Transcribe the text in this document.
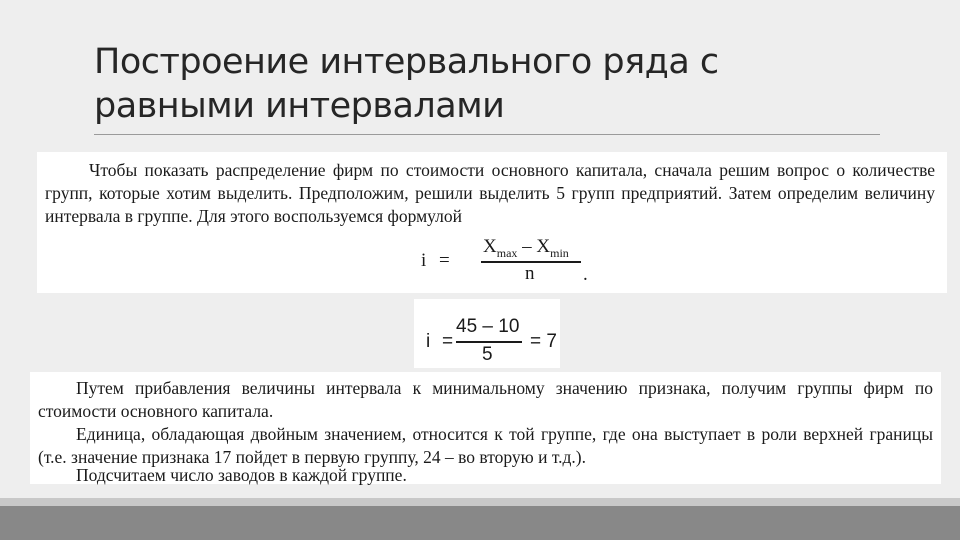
Построение интервального ряда с равными интервалами

Чтобы показать распределение фирм по стоимости основного капитала, сначала решим вопрос о количестве групп, которые хотим выделить. Предположим, решили выделить 5 групп предприятий. Затем определим величину интервала в группе. Для этого воспользуемся формулой

i =
$X_{max} - X_{min}$
n	.
i =
45 – 10
5
= 7

Путем прибавления величины интервала к минимальному значению признака, получим группы фирм по стоимости основного капитала.

Единица, обладающая двойным значением, относится к той группе, где она выступает в роли верхней границы (т.е. значение признака 17 пойдет в первую группу, 24 – во вторую и т.д.).

Подсчитаем число заводов в каждой группе.
